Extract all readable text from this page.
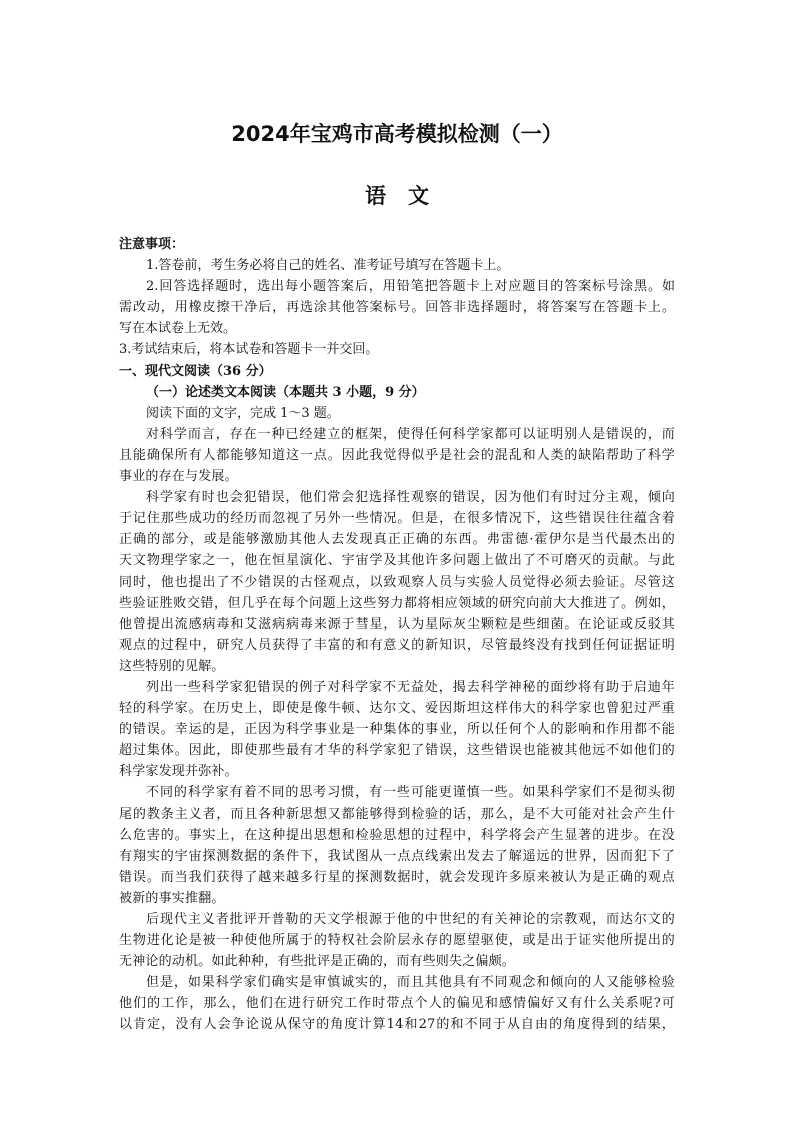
2024年宝鸡市高考模拟检测（一）
语文
注意事项：
1.答卷前，考生务必将自己的姓名、准考证号填写在答题卡上。
2.回答选择题时，选出每小题答案后，用铅笔把答题卡上对应题目的答案标号涂黑。如
需改动，用橡皮擦干净后，再选涂其他答案标号。回答非选择题时，将答案写在答题卡上。
写在本试卷上无效。
3.考试结束后，将本试卷和答题卡一并交回。
一、现代文阅读（36 分）
（一）论述类文本阅读（本题共 3 小题，9 分）
阅读下面的文字，完成 1～3 题。
对科学而言，存在一种已经建立的框架，使得任何科学家都可以证明别人是错误的，而
且能确保所有人都能够知道这一点。因此我觉得似乎是社会的混乱和人类的缺陷帮助了科学
事业的存在与发展。
科学家有时也会犯错误，他们常会犯选择性观察的错误，因为他们有时过分主观，倾向
于记住那些成功的经历而忽视了另外一些情况。但是，在很多情况下，这些错误往往蕴含着
正确的部分，或是能够激励其他人去发现真正正确的东西。弗雷德·霍伊尔是当代最杰出的
天文物理学家之一，他在恒星演化、宇宙学及其他许多问题上做出了不可磨灭的贡献。与此
同时，他也提出了不少错误的古怪观点，以致观察人员与实验人员觉得必须去验证。尽管这
些验证胜败交错，但几乎在每个问题上这些努力都将相应领域的研究向前大大推进了。例如，
他曾提出流感病毒和艾滋病病毒来源于彗星，认为星际灰尘颗粒是些细菌。在论证或反驳其
观点的过程中，研究人员获得了丰富的和有意义的新知识，尽管最终没有找到任何证据证明
这些特别的见解。
列出一些科学家犯错误的例子对科学家不无益处，揭去科学神秘的面纱将有助于启迪年
轻的科学家。在历史上，即使是像牛顿、达尔文、爱因斯坦这样伟大的科学家也曾犯过严重
的错误。幸运的是，正因为科学事业是一种集体的事业，所以任何个人的影响和作用都不能
超过集体。因此，即使那些最有才华的科学家犯了错误，这些错误也能被其他远不如他们的
科学家发现并弥补。
不同的科学家有着不同的思考习惯，有一些可能更谨慎一些。如果科学家们不是彻头彻
尾的教条主义者，而且各种新思想又都能够得到检验的话，那么，是不大可能对社会产生什
么危害的。事实上，在这种提出思想和检验思想的过程中，科学将会产生显著的进步。在没
有翔实的宇宙探测数据的条件下，我试图从一点点线索出发去了解遥远的世界，因而犯下了
错误。而当我们获得了越来越多行星的探测数据时，就会发现许多原来被认为是正确的观点
被新的事实推翻。
后现代主义者批评开普勒的天文学根源于他的中世纪的有关神论的宗教观，而达尔文的
生物进化论是被一种使他所属于的特权社会阶层永存的愿望驱使，或是出于证实他所提出的
无神论的动机。如此种种，有些批评是正确的，而有些则失之偏颇。
但是，如果科学家们确实是审慎诚实的，而且其他具有不同观念和倾向的人又能够检验
他们的工作，那么，他们在进行研究工作时带点个人的偏见和感情偏好又有什么关系呢?可
以肯定，没有人会争论说从保守的角度计算14和27的和不同于从自由的角度得到的结果，
